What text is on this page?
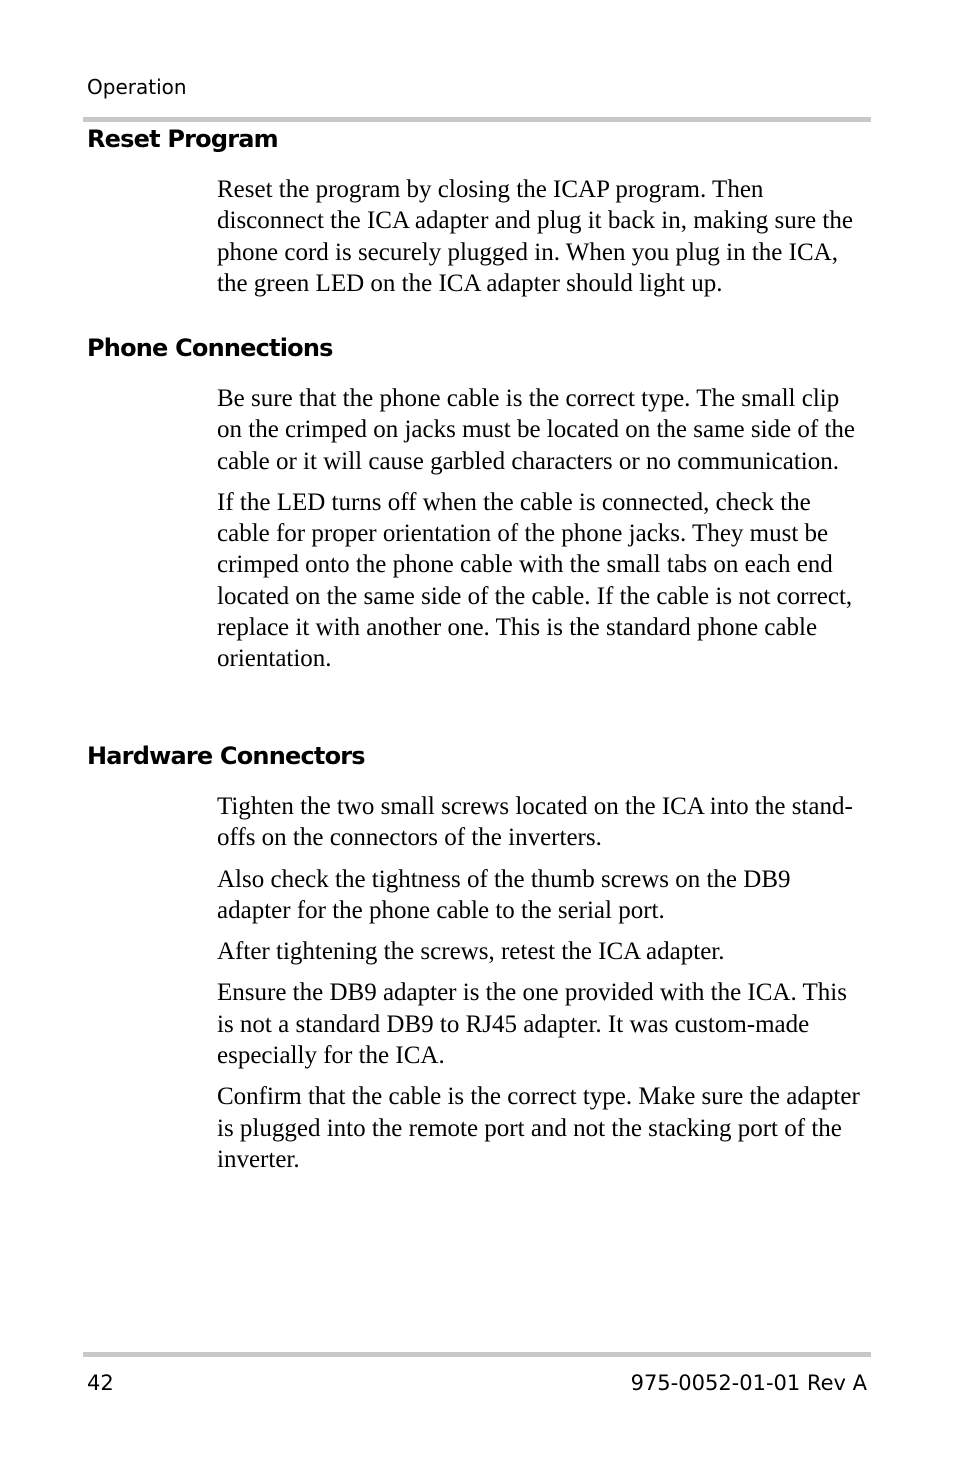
Operation
Reset Program

Reset the program by closing the ICAP program. Then disconnect the ICA adapter and plug it back in, making sure the phone cord is securely plugged in. When you plug in the ICA, the green LED on the ICA adapter should light up.

Phone Connections

Be sure that the phone cable is the correct type. The small clip on the crimped on jacks must be located on the same side of the cable or it will cause garbled characters or no communication.

If the LED turns off when the cable is connected, check the cable for proper orientation of the phone jacks. They must be crimped onto the phone cable with the small tabs on each end located on the same side of the cable. If the cable is not correct, replace it with another one. This is the standard phone cable orientation.

Hardware Connectors

Tighten the two small screws located on the ICA into the stand-offs on the connectors of the inverters.

Also check the tightness of the thumb screws on the DB9 adapter for the phone cable to the serial port.

After tightening the screws, retest the ICA adapter.

Ensure the DB9 adapter is the one provided with the ICA. This is not a standard DB9 to RJ45 adapter. It was custom-made especially for the ICA.

Confirm that the cable is the correct type. Make sure the adapter is plugged into the remote port and not the stacking port of the inverter.

42	975-0052-01-01 Rev A
